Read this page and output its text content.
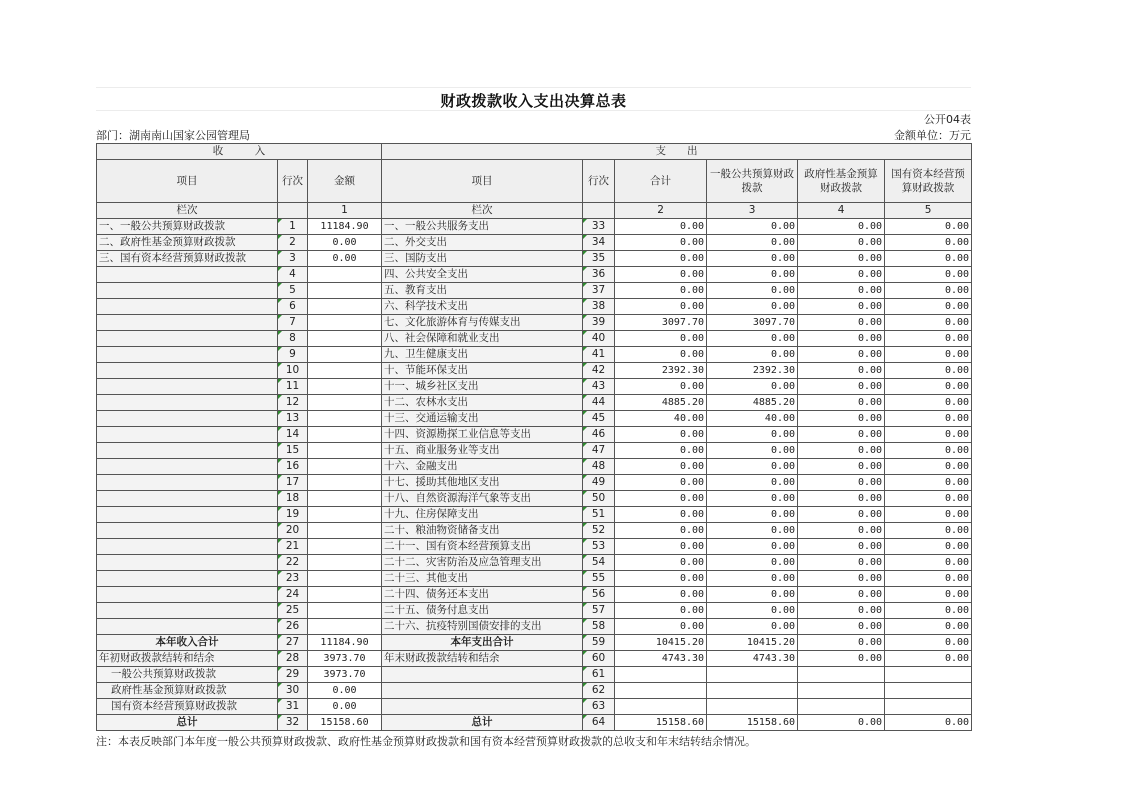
财政拨款收入支出决算总表
公开04表
部门：湖南南山国家公园管理局	金额单位：万元
收　　　入			支　　出					
项目	行次	金额	项目	行次	合计	一般公共预算财政拨款	政府性基金预算财政拨款	国有资本经营预算财政拨款
栏次		1	栏次		2	3	4	5
一、一般公共预算财政拨款	1	11184.90	一、一般公共服务支出	33	0.00	0.00	0.00	0.00
二、政府性基金预算财政拨款	2	0.00	二、外交支出	34	0.00	0.00	0.00	0.00
三、国有资本经营预算财政拨款	3	0.00	三、国防支出	35	0.00	0.00	0.00	0.00
	4		四、公共安全支出	36	0.00	0.00	0.00	0.00
	5		五、教育支出	37	0.00	0.00	0.00	0.00
	6		六、科学技术支出	38	0.00	0.00	0.00	0.00
	7		七、文化旅游体育与传媒支出	39	3097.70	3097.70	0.00	0.00
	8		八、社会保障和就业支出	40	0.00	0.00	0.00	0.00
	9		九、卫生健康支出	41	0.00	0.00	0.00	0.00
	10		十、节能环保支出	42	2392.30	2392.30	0.00	0.00
	11		十一、城乡社区支出	43	0.00	0.00	0.00	0.00
	12		十二、农林水支出	44	4885.20	4885.20	0.00	0.00
	13		十三、交通运输支出	45	40.00	40.00	0.00	0.00
	14		十四、资源勘探工业信息等支出	46	0.00	0.00	0.00	0.00
	15		十五、商业服务业等支出	47	0.00	0.00	0.00	0.00
	16		十六、金融支出	48	0.00	0.00	0.00	0.00
	17		十七、援助其他地区支出	49	0.00	0.00	0.00	0.00
	18		十八、自然资源海洋气象等支出	50	0.00	0.00	0.00	0.00
	19		十九、住房保障支出	51	0.00	0.00	0.00	0.00
	20		二十、粮油物资储备支出	52	0.00	0.00	0.00	0.00
	21		二十一、国有资本经营预算支出	53	0.00	0.00	0.00	0.00
	22		二十二、灾害防治及应急管理支出	54	0.00	0.00	0.00	0.00
	23		二十三、其他支出	55	0.00	0.00	0.00	0.00
	24		二十四、债务还本支出	56	0.00	0.00	0.00	0.00
	25		二十五、债务付息支出	57	0.00	0.00	0.00	0.00
	26		二十六、抗疫特别国债安排的支出	58	0.00	0.00	0.00	0.00
本年收入合计	27	11184.90	本年支出合计	59	10415.20	10415.20	0.00	0.00
年初财政拨款结转和结余	28	3973.70	年末财政拨款结转和结余	60	4743.30	4743.30	0.00	0.00
一般公共预算财政拨款	29	3973.70		61				
政府性基金预算财政拨款	30	0.00		62				
国有资本经营预算财政拨款	31	0.00		63				
总计	32	15158.60	总计	64	15158.60	15158.60	0.00	0.00
注：本表反映部门本年度一般公共预算财政拨款、政府性基金预算财政拨款和国有资本经营预算财政拨款的总收支和年末结转结余情况。
